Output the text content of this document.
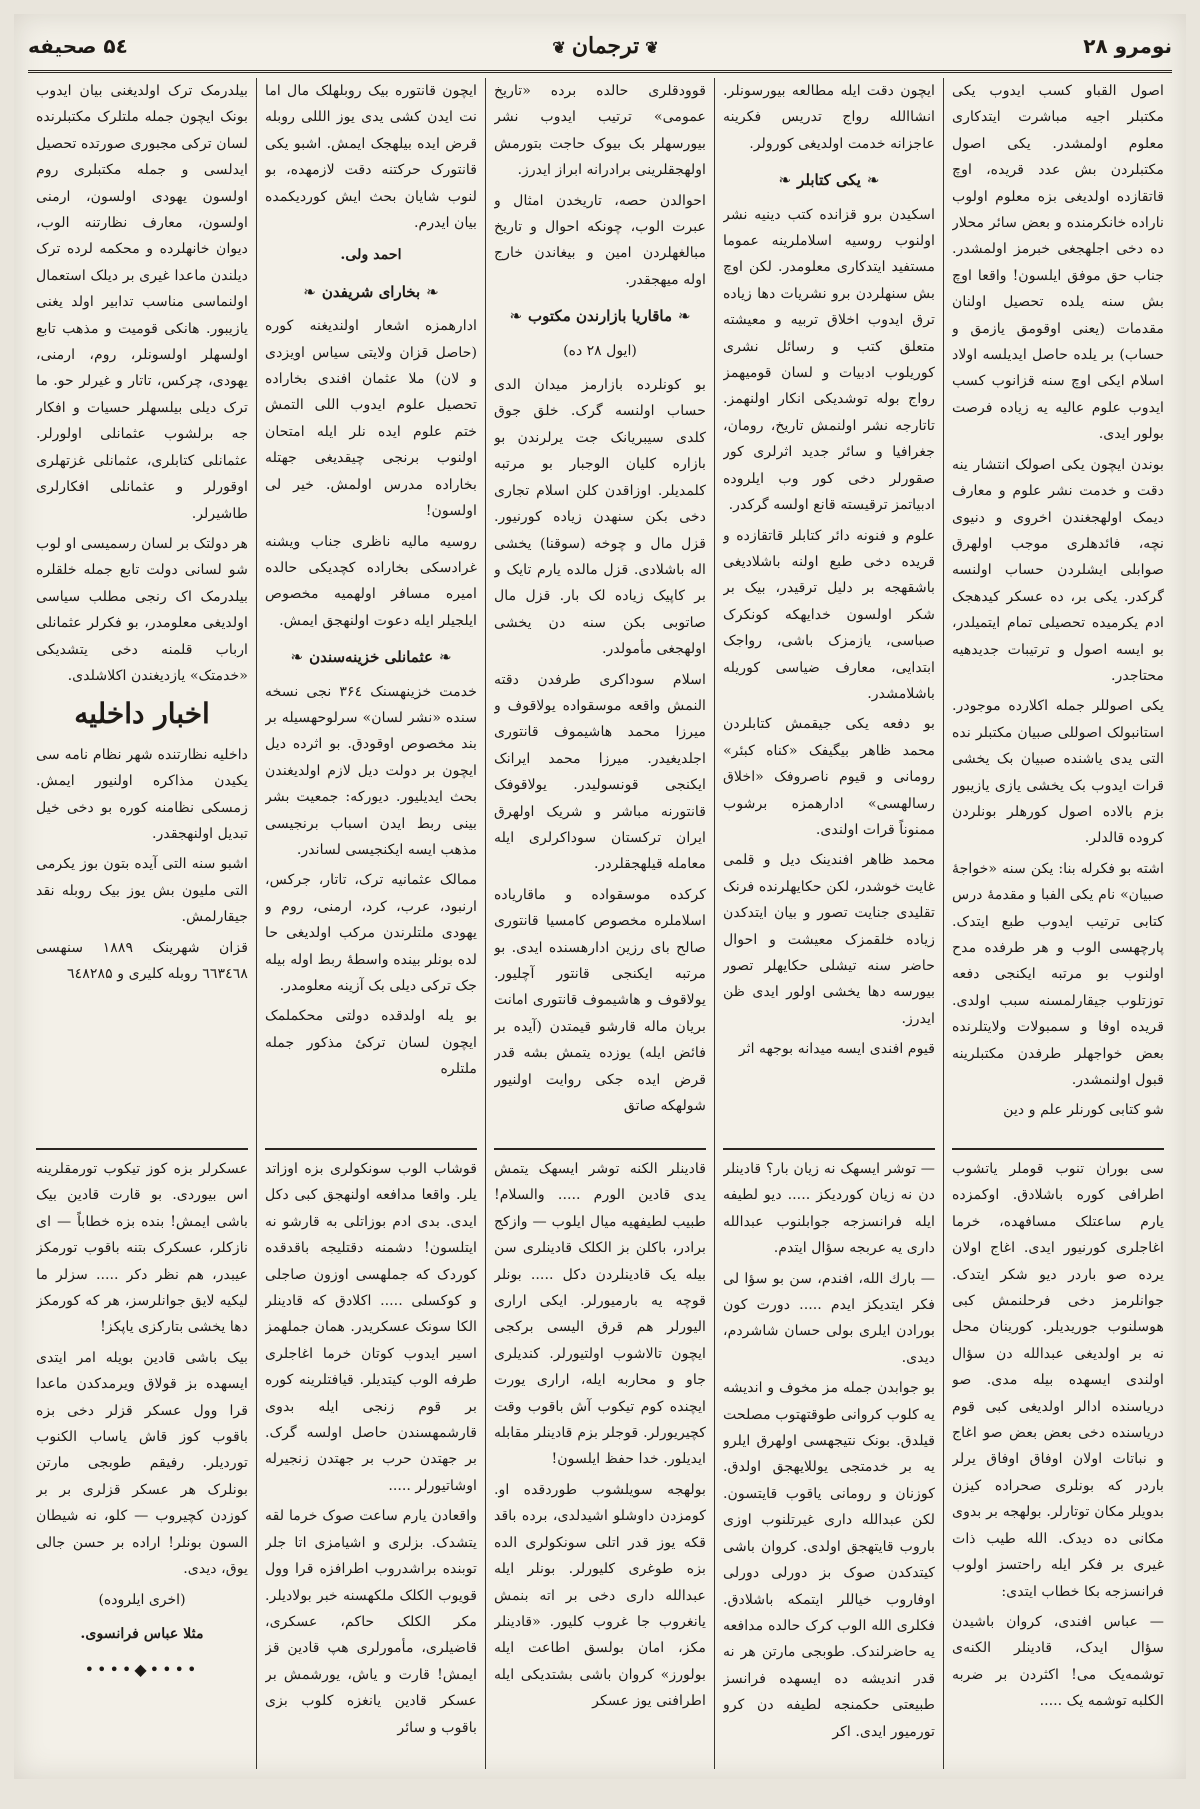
نومرو ۲۸
❦ ترجمان ❦
۵٤ صحیفه

اصول القباو کسب ایدوب یکی مکتبلر اجیه مباشرت ایتدکاری معلوم اولمشدر. یکی اصول مکتبلردن بش عدد قریده، اوچ قاتقازده اولدیغی بزه معلوم اولوب ناراده خانکرمنده و بعض سائر محلار ده دخی اجلهجغی خبرمز اولمشدر. جناب حق موفق ایلسون! واقعا اوچ بش سنه یلده تحصیل اولنان مقدمات (یعنی اوقومق یازمق و حساب) بر یلده حاصل ایدیلسه اولاد اسلام ایکی اوچ سنه قزانوب کسب ایدوب علوم عالیه یه زیاده فرصت بولور ایدی.

بوندن ایچون یکی اصولک انتشار ینه دقت و خدمت نشر علوم و معارف دیمک اولهجغندن اخروی و دنیوی نچه، فائدهلری موجب اولهرق صوابلی ایشلردن حساب اولنسه گرکدر. یکی بر، ده عسکر کیدهجک ادم یکرمیده تحصیلی تمام ایتمیلدر، بو ایسه اصول و ترتیبات جدیدهیه محتاجدر.

یکی اصوللر جمله اکلارده موجودر. استانبولک اصوللی صبیان مکتبلر نده التی یدی یاشنده صبیان بک یخشی قرات ایدوب بک یخشی یازی یازیبور بزم بالاده اصول کورهلر بونلردن کروده قالدلر.

اشته بو فکرله بنا: یکن سنه «خواجهٔ صبیان» نام یکی الفبا و مقدمهٔ درس کتابی ترتیب ایدوب طبع ایتدک. پارچهسی الوب و هر طرفده مدح اولنوب بو مرتبه ایکنجی دفعه توزتلوب جیقارلمسنه سبب اولدی. قریده اوفا و سمبولات ولایتلرنده بعض خواجهلر طرفدن مکتبلرینه قبول اولنمشدر.

شو کتابی کورنلر علم و دین

سی بوران تنوب قوملر یاتشوب اطرافی کوره باشلادق. اوکمزده یارم ساعتلک مسافهده، خرما اغاجلری کورنیور ایدی. اغاج اولان یرده صو باردر دیو شکر ایتدک. جوانلرمز دخی فرحلنمش کبی هوسلنوب جوریدیلر. کورینان محل نه بر اولدیغی عبدالله دن سؤال اولندی ایسهده بیله مدی. صو دریاسنده ادالر اولدیغی کبی قوم دریاسنده دخی بعض بعض صو اغاج و نباتات اولان اوفاق اوفاق یرلر باردر که بونلری صحراده کیزن بدویلر مکان توتارلر. بولهجه بر بدوی مکانی ده دیدک. الله طیب ذات غیری بر فکر ایله راحتسز اولوب فرانسزجه بکا خطاب ایتدی:

— عباس افندی، کروان باشیدن سؤال ایدک، قادینلر الکنه‌ی توشمه‌یک می! اکثردن بر ضربه الکلبه توشمه یک .....

ایچون دقت ایله مطالعه بیورسونلر. انشاالله رواج تدریس فکرینه عاجزانه خدمت اولدیغی کورولر.

❧ یکی کتابلر ❧

اسکیدن برو قزانده کتب دینیه نشر اولنوب روسیه اسلاملرینه عموما مستفید ایتدکاری معلومدر. لکن اوچ بش سنهلردن برو نشریات دها زیاده ترق ایدوب اخلاق تربیه و معیشته متعلق کتب و رسائل نشری کوریلوب ادبیات و لسان قومیهمز رواج بوله توشدیکی انکار اولنهمز. تاتارجه نشر اولنمش تاریخ، رومان، جغرافیا و سائر جدید اثرلری کور صقورلر دخی کور وب ایلروده ادبیاتمز ترقیسته قانع اولسه گرکدر.

علوم و فنونه دائر کتابلر قاتقازده و قریده دخی طبع اولنه باشلادیغی باشقهجه بر دلیل ترقیدر، بیک بر شکر اولسون خدایهکه کونکرک صباسی، یازمزک باشی، رواجک ابتدایی، معارف ضیاسی کوریله باشلامشدر.

بو دفعه یکی جیقمش کتابلردن محمد ظاهر بیگیفک «کناه کبئر» رومانی و قیوم ناصروفک «اخلاق رسالهسی» ادارهمزه برشوب ممنوناً قرات اولندی.

محمد ظاهر افندینک دیل و قلمی غایت خوشدر، لکن حکایهلرنده فرنک تقلیدی جنایت تصور و بیان ایتدکدن زیاده خلقمزک معیشت و احوال حاضر سنه تیشلی حکایهلر تصور بیورسه دها یخشی اولور ایدی ظن ایدرز.

قیوم افندی ایسه میدانه بوجهه اثر

— توشر ایسهک نه زیان بار؟ قادینلر دن نه زیان کوردیکز ..... دیو لطیفه ایله فرانسزجه جوابلنوب عبدالله داری یه عربجه سؤال ایتدم.

— بارك الله، افندم، سن بو سؤا لی فکر ایتدیکز ایدم ..... دورت کون بورادن ایلری بولی حسان شاشردم، دیدی.

بو جوابدن جمله مز مخوف و اندیشه یه کلوب کروانی طوقتهتوب مصلحت قیلدق. بونک نتیجهسی اولهرق ایلرو یه بر خدمتجی یوللایهجق اولدق. کوزنان و رومانی یاقوب قایتسون. لکن عبدالله داری غیرتلنوب اوزی باروب قایتهجق اولدی. کروان باشی کیتدکدن صوک بز دورلی دورلی اوفاروب خیاللر ایتمکه باشلادق. فکلری الله الوب کرک حالده مدافعه یه حاضرلندک. طوبجی مارتن هر نه قدر اندیشه ده ایسهده فرانسز طبیعتی حکمنجه لطیفه دن کرو تورمیور ایدی. اکر

قوودقلری حالده برده «تاریخ عمومی» ترتیب ایدوب نشر بیورسهلر بک بیوک حاجت بتورمش اولهجقلرینی برادرانه ابراز ایدرز.

احوالدن حصه، تاریخدن امثال و عبرت الوب، چونکه احوال و تاریخ مبالغهلردن امین و بیغاندن خارج اوله میهجقدر.

❧ ماقاریا بازارندن مکتوب ❧
(ایول ۲۸ ده)

بو کونلرده بازارمز میدان الدی حساب اولنسه گرک. خلق جوق کلدی سیبریانک جت یرلرندن بو بازاره کلیان الوجبار بو مرتبه کلمدیلر. اوزاقدن کلن اسلام تجاری دخی بکن سنهدن زیاده کورنیور. قزل مال و چوخه (سوقنا) یخشی اله باشلادی. قزل مالده یارم تایک و بر کاپیک زیاده لک بار. قزل مال صاتوبی بکن سنه دن یخشی اولهجغی مأمولدر.

اسلام سوداکری طرفدن دقته النمش واقعه موسقواده یولاقوف و میرزا محمد هاشیموف قانتوری اجلدیغیدر. میرزا محمد ایرانک ایکنجی قونسولیدر. یولاقوفک قانتورنه مباشر و شریک اولهرق ایران ترکستان سوداکرلری ایله معامله قیلهجقلردر.

کرکده موسقواده و ماقاریاده اسلاملره مخصوص کامسیا قانتوری صالح بای رزین ادارهسنده ایدی. بو مرتبه ایکنجی قانتور آچلیور. یولاقوف و هاشیموف قانتوری امانت بریان ماله قارشو قیمتدن (آیده بر فائض ایله) یوزده یتمش بشه قدر قرض ایده جکی روایت اولنیور شولهکه صاتق

قادینلر الکنه توشر ایسهک یتمش یدی قادین الورم ..... والسلام! طبیب لطیفهیه میال ایلوب — وازکج برادر، باکلن بز الکلک قادینلری سن بیله یک قادینلردن دکل ..... بونلر قوچه یه بارمیورلر. ایکی اراری الیورلر هم قرق الیسی برکجی ایچون تالاشوب اولتیورلر. کندیلری جاو و محاربه ایله، اراری یورت ایچنده کوم تیکوب آش باقوب وقت کچیریورلر. قوجلر بزم قادینلر مقابله ایدیلور. خدا حفظ ایلسون!

بولهجه سویلشوب طوردقده او. کومزدن داوشلو اشیدلدی، برده باقد قکه یوز قدر اتلی سونکولری الده بزه طوغری کلیورلر. بونلر ایله عبدالله داری دخی بر اته بنمش یانغروب جا غروب کلیور. «قادینلر مکز، امان بولسق اطاعت ایله بولورز» کروان باشی بشتدیکی ایله اطرافنی یوز عسکر

ایچون قانتوره بیک روبلهلک مال اما نت ایدن کشی یدی یوز الللی روبله قرض ایده بیلهجک ایمش. اشبو یکی قانتورک حرکتنه دقت لازمهده، بو لنوب شایان بحث ایش کوردیکمده بیان ایدرم.

احمد ولی.
❧ بخارای شریفدن ❧

ادارهمزه اشعار اولندیغنه کوره (حاصل قزان ولایتی سیاس اویزدی و لان) ملا عثمان افندی بخاراده تحصیل علوم ایدوب اللی التمش ختم علوم ایده نلر ایله امتحان اولنوب برنجی چیقدیغی جهتله بخاراده مدرس اولمش. خیر لی اولسون!

روسیه مالیه ناظری جناب ویشنه غرادسکی بخاراده کچدیکی حالده امیره مسافر اولهمیه مخصوص ایلجیلر ایله دعوت اولنهجق ایمش.

❧ عثمانلی خزینه‌سندن ❧

خدمت خزینهسنک ۳۶٤ نجی نسخه سنده «نشر لسان» سرلوحهسیله بر بند مخصوص اوقودق. بو اثرده دیل ایچون بر دولت دیل لازم اولدیغندن بحث ایدیلیور. دیورکه: جمعیت بشر بینی ربط ایدن اسباب برنجیسی مذهب ایسه ایکنجیسی لساندر.

ممالک عثمانیه ترک، تاتار، جرکس، ارنبود، عرب، کرد، ارمنی، روم و یهودی ملتلرندن مرکب اولدیغی حا لده بونلر بینده واسطهٔ ربط اوله بیله جک ترکی دیلی بک آزینه معلومدر.

بو یله اولدقده دولتی محکملمک ایچون لسان ترکیٔ مذکور جمله ملتلره

قوشاب الوب سونکولری بزه اوزاتد یلر. واقعا مدافعه اولنهجق کبی دکل ایدی. بدی ادم بوزاتلی به قارشو نه ایتلسون! دشمنه دقتلیجه باقدقده کوردک که جملهسی اوزون صاجلی و کوکسلی ..... اکلادق که قادینلر الکا سونک عسکریدر. همان جملهمز اسیر ایدوب کوتان خرما اغاجلری طرفه الوب کیتدیلر. قیافتلرینه کوره بر قوم زنجی ایله بدوی قارشمهسندن حاصل اولسه گرک. بر جهتدن حرب بر جهتدن زنجیرله اوشاتیورلر .....

واقعادن یارم ساعت صوک خرما لقه یتشدک. بزلری و اشیامزی اتا جلر توبنده براشدروب اطرافزه قرا وول قویوب الکلک ملکهسنه خبر بولادیلر. مکر الکلک حاکم، عسکری، قاضیلری، مأمورلری هپ قادین قز ایمش! قارت و یاش، یورشمش بر عسکر قادین یانغزه کلوب بزی باقوب و سائر

بیلدرمک ترک اولدیغنی بیان ایدوب بونک ایچون جمله ملتلرک مکتبلرنده لسان ترکی مجبوری صورتده تحصیل ایدلسی و جمله مکتبلری روم اولسون یهودی اولسون، ارمنی اولسون، معارف نظارتنه الوب، دیوان خانهلرده و محکمه لرده ترک دیلندن ماعدا غیری بر دیلک استعمال اولنماسی مناسب تدابیر اولد یغنی یازیبور. هانکی قومیت و مذهب تابع اولسهلر اولسونلر، روم، ارمنی، یهودی، چرکس، تاتار و غیرلر حو. ما ترک دیلی بیلسهلر حسیات و افکار جه برلشوب عثمانلی اولورلر. عثمانلی کتابلری، عثمانلی غزتهلری اوقورلر و عثمانلی افکارلری طاشیرلر.

هر دولتک بر لسان رسمیسی او لوب شو لسانی دولت تابع جمله خلقلره بیلدرمک اک رنجی مطلب سیاسی اولدیغی معلومدر، بو فکرلر عثمانلی ارباب قلمنه دخی یتشدیکی «خدمتک» یازدیغندن اکلاشلدی.

اخبار داخلیه

داخلیه نظارتنده شهر نظام نامه سی یکیدن مذاکره اولنیور ایمش. زمسکی نظامنه کوره بو دخی خیل تبدیل اولنهجقدر.

اشبو سنه التی آیده بتون بوز یکرمی التی ملیون بش یوز بیک روبله نقد جیقارلمش.

قزان شهرینک ۱۸۸۹ سنهسی ٦٦٣٤٦٨ روبله کلیری و ٦٤٨٢٨۵

عسکرلر بزه کوز تیکوب تورمقلرینه اس بیوردی. بو قارت قادین بیک باشی ایمش! بنده بزه خطاباً — ای نازکلر، عسکرک بتنه باقوب تورمکز عیبدر، هم نظر دکر ..... سزلر ما لیکیه لایق جوانلرسز، هر که کورمکز دها یخشی بتارکزی یاپکز!

بیک باشی قادین بویله امر ایتدی ایسهده بز قولاق ویرمدکدن ماعدا قرا وول عسکر قزلر دخی بزه باقوب کوز قاش یاساب الکنوب توردیلر. رفیقم طوبجی مارتن بونلرک هر عسکر قزلری بر بر کوزدن کچیروب — کلو، نه شیطان السون بونلر! اراده بر حسن جالی یوق، دیدی.

(اخری ایلروده)
مثلا عباس فرانسوی.
••••◆••••
